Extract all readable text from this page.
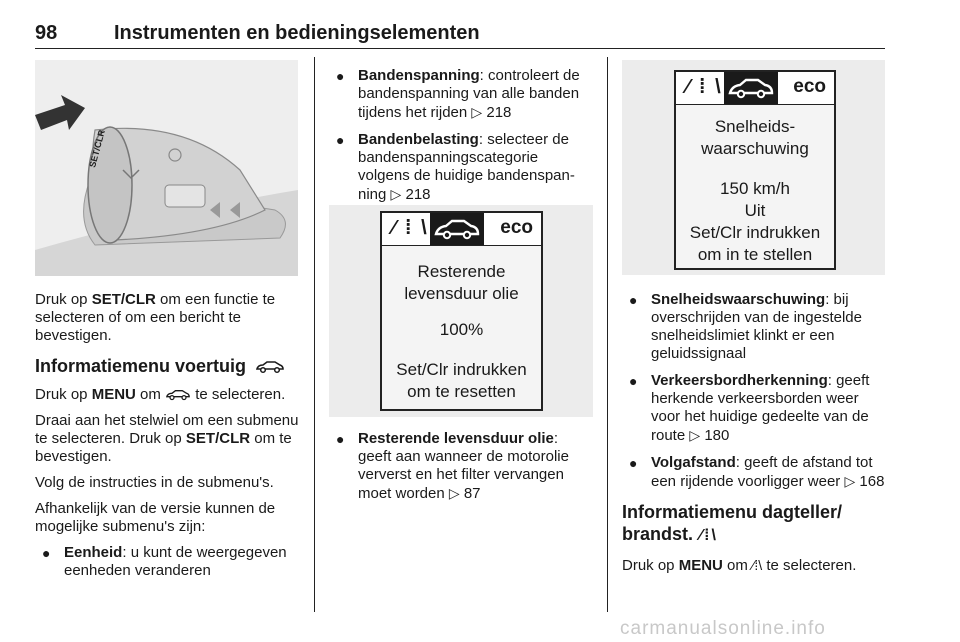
98	Instrumenten en bedieningselementen
SET/CLR

Druk op SET/CLR om een functie te selecteren of om een bericht te bevestigen.

Informatiemenu voertuig

Druk op MENU om  te selecteren.

Draai aan het stelwiel om een submenu te selecteren. Druk op SET/CLR om te bevestigen.

Volg de instructies in de submenu's.

Afhankelijk van de versie kunnen de mogelijke submenu's zijn:

● Eenheid: u kunt de weergegeven eenheden veranderen
● Bandenspanning: controleert de bandenspanning van alle banden tijdens het rijden ▷ 218
● Bandenbelasting: selecteer de bandenspanningscategorie volgens de huidige bandenspanning ▷ 218
⁄ ⁞ \	eco
Resterende
levensduur olie
100%
Set/Clr indrukken
om te resetten
● Resterende levensduur olie: geeft aan wanneer de motorolie ververst en het filter vervangen moet worden ▷ 87
⁄ ⁞ \	eco
Snelheids-
waarschuwing
150 km/h
Uit
Set/Clr indrukken
om in te stellen
● Snelheidswaarschuwing: bij overschrijden van de ingestelde snelheidslimiet klinkt er een geluidssignaal
● Verkeersbordherkenning: geeft herkende verkeersborden weer voor het huidige gedeelte van de route ▷ 180
● Volgafstand: geeft de afstand tot een rijdende voorligger weer ▷ 168
Informatiemenu dagteller/ brandst. ⁄⁞\

Druk op MENU om ⁄⁞\ te selecteren.

carmanualsonline.info
